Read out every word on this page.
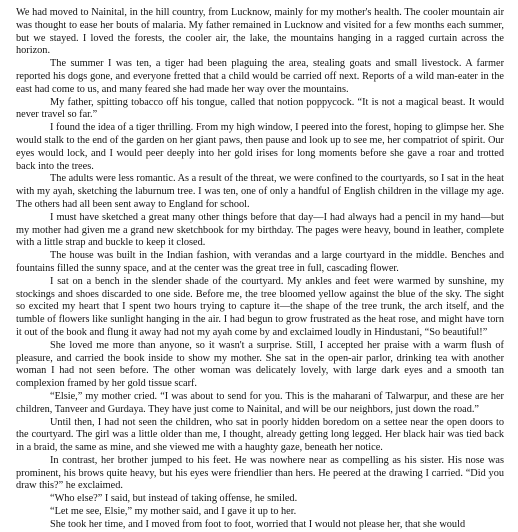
We had moved to Nainital, in the hill country, from Lucknow, mainly for my mother's health. The cooler mountain air was thought to ease her bouts of malaria. My father remained in Lucknow and visited for a few months each summer, but we stayed. I loved the forests, the cooler air, the lake, the mountains hanging in a ragged curtain across the horizon.

The summer I was ten, a tiger had been plaguing the area, stealing goats and small livestock. A farmer reported his dogs gone, and everyone fretted that a child would be carried off next. Reports of a wild man-eater in the east had come to us, and many feared she had made her way over the mountains.

My father, spitting tobacco off his tongue, called that notion poppycock. “It is not a magical beast. It would never travel so far.”

I found the idea of a tiger thrilling. From my high window, I peered into the forest, hoping to glimpse her. She would stalk to the end of the garden on her giant paws, then pause and look up to see me, her compatriot of spirit. Our eyes would lock, and I would peer deeply into her gold irises for long moments before she gave a roar and trotted back into the trees.

The adults were less romantic. As a result of the threat, we were confined to the courtyards, so I sat in the heat with my ayah, sketching the laburnum tree. I was ten, one of only a handful of English children in the village my age. The others had all been sent away to England for school.

I must have sketched a great many other things before that day—I had always had a pencil in my hand—but my mother had given me a grand new sketchbook for my birthday. The pages were heavy, bound in leather, complete with a little strap and buckle to keep it closed.

The house was built in the Indian fashion, with verandas and a large courtyard in the middle. Benches and fountains filled the sunny space, and at the center was the great tree in full, cascading flower.

I sat on a bench in the slender shade of the courtyard. My ankles and feet were warmed by sunshine, my stockings and shoes discarded to one side. Before me, the tree bloomed yellow against the blue of the sky. The sight so excited my heart that I spent two hours trying to capture it—the shape of the tree trunk, the arch itself, and the tumble of flowers like sunlight hanging in the air. I had begun to grow frustrated as the heat rose, and might have torn it out of the book and flung it away had not my ayah come by and exclaimed loudly in Hindustani, “So beautiful!”

She loved me more than anyone, so it wasn't a surprise. Still, I accepted her praise with a warm flush of pleasure, and carried the book inside to show my mother. She sat in the open-air parlor, drinking tea with another woman I had not seen before. The other woman was delicately lovely, with large dark eyes and a smooth tan complexion framed by her gold tissue scarf.

“Elsie,” my mother cried. “I was about to send for you. This is the maharani of Talwarpur, and these are her children, Tanveer and Gurdaya. They have just come to Nainital, and will be our neighbors, just down the road.”

Until then, I had not seen the children, who sat in poorly hidden boredom on a settee near the open doors to the courtyard. The girl was a little older than me, I thought, already getting long legged. Her black hair was tied back in a braid, the same as mine, and she viewed me with a haughty gaze, beneath her notice.

In contrast, her brother jumped to his feet. He was nowhere near as compelling as his sister. His nose was prominent, his brows quite heavy, but his eyes were friendlier than hers. He peered at the drawing I carried. “Did you draw this?” he exclaimed.

“Who else?” I said, but instead of taking offense, he smiled.

“Let me see, Elsie,” my mother said, and I gave it up to her.

She took her time, and I moved from foot to foot, worried that I would not please her, that she would
